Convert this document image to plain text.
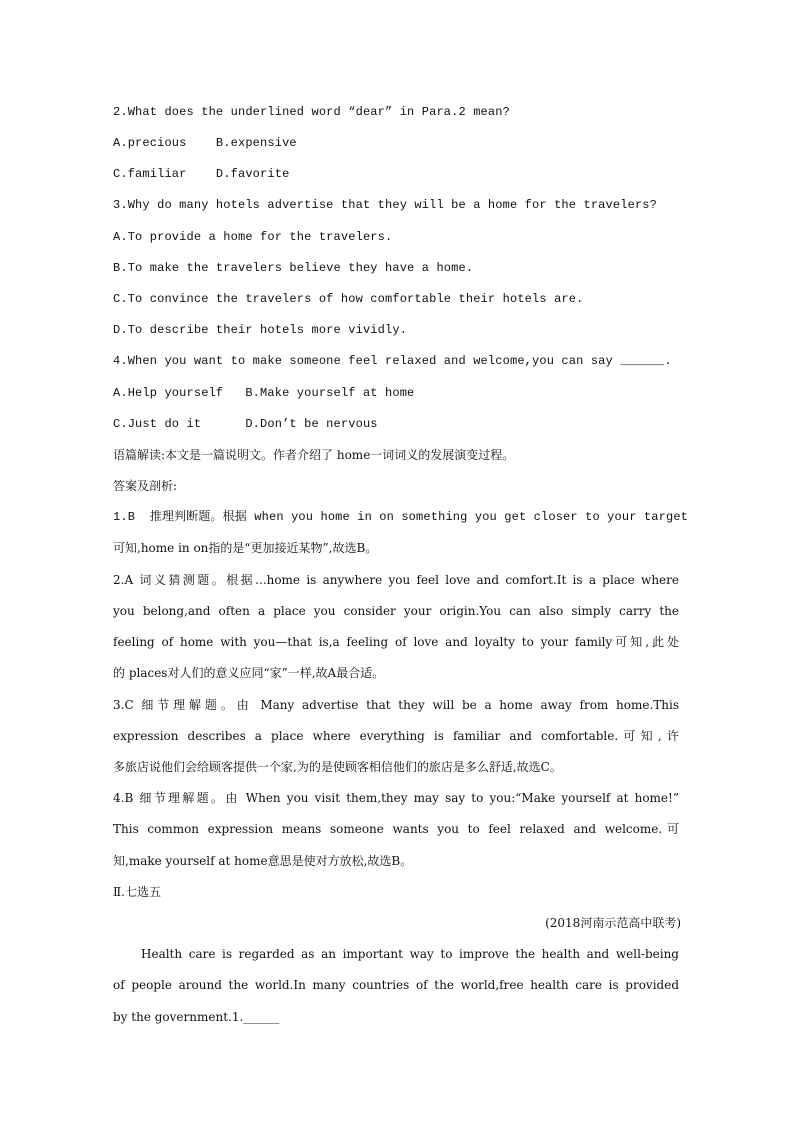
2.What does the underlined word “dear” in Para.2 mean?
A.precious    B.expensive
C.familiar    D.favorite
3.Why do many hotels advertise that they will be a home for the travelers?
A.To provide a home for the travelers.
B.To make the travelers believe they have a home.
C.To convince the travelers of how comfortable their hotels are.
D.To describe their hotels more vividly.
4.When you want to make someone feel relaxed and welcome,you can say ______.
A.Help yourself   B.Make yourself at home
C.Just do it      D.Don’t be nervous
语篇解读:本文是一篇说明文。作者介绍了 home一词词义的发展演变过程。
答案及剖析:
1.B  推理判断题。根据 when you home in on something you get closer to your target
可知,home in on指的是“更加接近某物”,故选B。
2.A 词义猜测题。根据...home is anywhere you feel love and comfort.It is a place where
you belong,and often a place you consider your origin.You can also simply carry the
feeling of home with you—that is,a feeling of love and loyalty to your family可知,此处
的 places对人们的意义应同“家”一样,故A最合适。
3.C 细节理解题。由 Many advertise that they will be a home away from home.This
expression describes a place where everything is familiar and comfortable.可知,许
多旅店说他们会给顾客提供一个家,为的是使顾客相信他们的旅店是多么舒适,故选C。
4.B 细节理解题。由 When you visit them,they may say to you:“Make yourself at home!”
This common expression means someone wants you to feel relaxed and welcome.可
知,make yourself at home意思是使对方放松,故选B。
Ⅱ.七选五
(2018河南示范高中联考)
Health care is regarded as an important way to improve the health and well-being
of people around the world.In many countries of the world,free health care is provided
by the government.1.______
